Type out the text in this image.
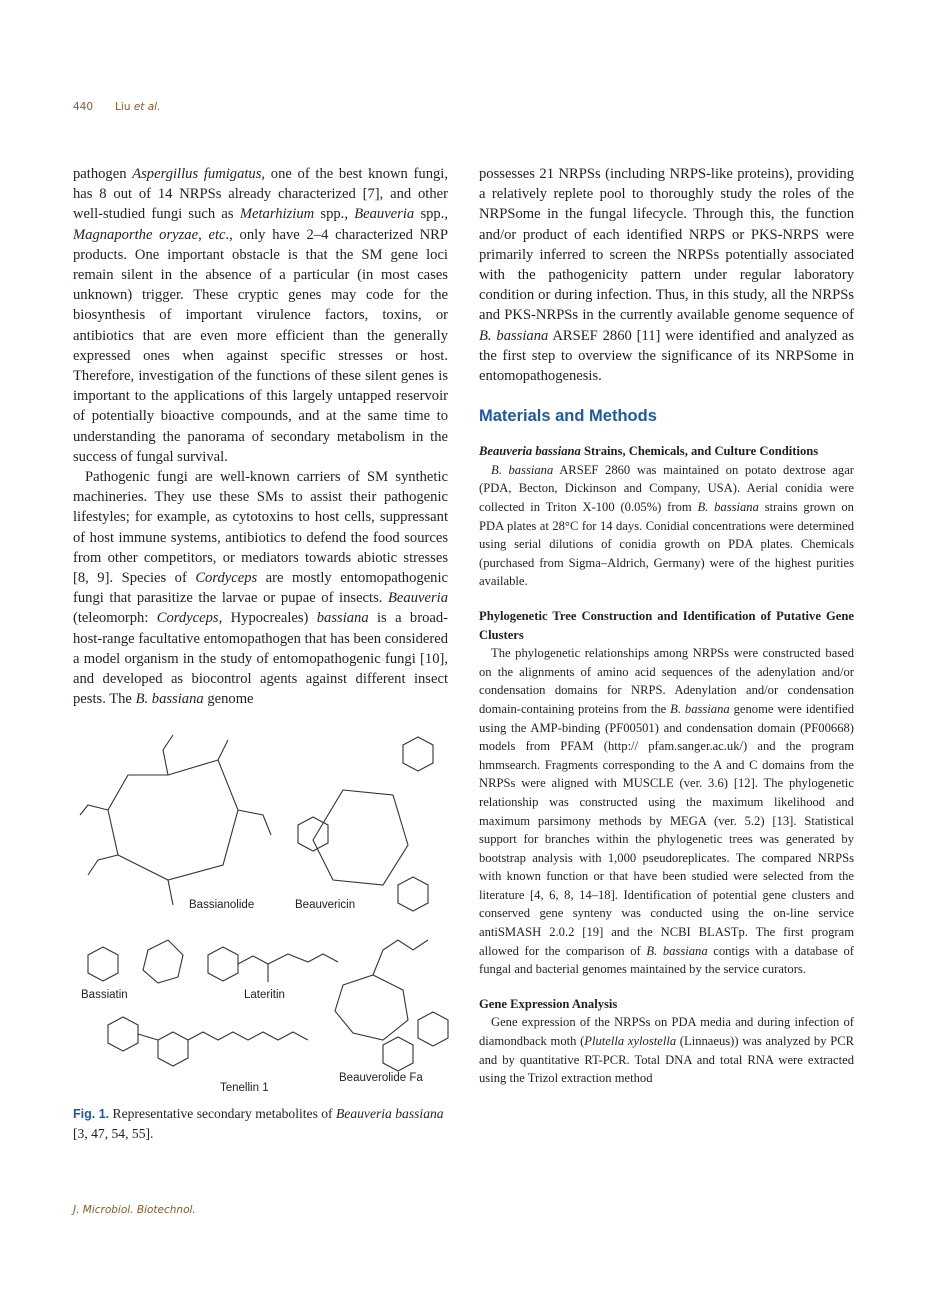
440 Liu et al.

pathogen Aspergillus fumigatus, one of the best known fungi, has 8 out of 14 NRPSs already characterized [7], and other well-studied fungi such as Metarhizium spp., Beauveria spp., Magnaporthe oryzae, etc., only have 2–4 characterized NRP products. One important obstacle is that the SM gene loci remain silent in the absence of a particular (in most cases unknown) trigger. These cryptic genes may code for the biosynthesis of important virulence factors, toxins, or antibiotics that are even more efficient than the generally expressed ones when against specific stresses or host. Therefore, investigation of the functions of these silent genes is important to the applications of this largely untapped reservoir of potentially bioactive compounds, and at the same time to understanding the panorama of secondary metabolism in the success of fungal survival.

Pathogenic fungi are well-known carriers of SM synthetic machineries. They use these SMs to assist their pathogenic lifestyles; for example, as cytotoxins to host cells, suppressant of host immune systems, antibiotics to defend the food sources from other competitors, or mediators towards abiotic stresses [8, 9]. Species of Cordyceps are mostly entomopathogenic fungi that parasitize the larvae or pupae of insects. Beauveria (teleomorph: Cordyceps, Hypocreales) bassiana is a broad-host-range facultative entomopathogen that has been considered a model organism in the study of entomopathogenic fungi [10], and developed as biocontrol agents against different insect pests. The B. bassiana genome

Bassianolide	Beauvericin
Bassiatin	Lateritin
Tenellin 1
Beauverolide Fa
Fig. 1. Representative secondary metabolites of Beauveria bassiana [3, 47, 54, 55].

possesses 21 NRPSs (including NRPS-like proteins), providing a relatively replete pool to thoroughly study the roles of the NRPSome in the fungal lifecycle. Through this, the function and/or product of each identified NRPS or PKS-NRPS were primarily inferred to screen the NRPSs potentially associated with the pathogenicity pattern under regular laboratory condition or during infection. Thus, in this study, all the NRPSs and PKS-NRPSs in the currently available genome sequence of B. bassiana ARSEF 2860 [11] were identified and analyzed as the first step to overview the significance of its NRPSome in entomopathogenesis.

Materials and Methods
Beauveria bassiana Strains, Chemicals, and Culture Conditions

B. bassiana ARSEF 2860 was maintained on potato dextrose agar (PDA, Becton, Dickinson and Company, USA). Aerial conidia were collected in Triton X-100 (0.05%) from B. bassiana strains grown on PDA plates at 28°C for 14 days. Conidial concentrations were determined using serial dilutions of conidia growth on PDA plates. Chemicals (purchased from Sigma–Aldrich, Germany) were of the highest purities available.

Phylogenetic Tree Construction and Identification of Putative Gene Clusters

The phylogenetic relationships among NRPSs were constructed based on the alignments of amino acid sequences of the adenylation and/or condensation domains for NRPS. Adenylation and/or condensation domain-containing proteins from the B. bassiana genome were identified using the AMP-binding (PF00501) and condensation domain (PF00668) models from PFAM (http:// pfam.sanger.ac.uk/) and the program hmmsearch. Fragments corresponding to the A and C domains from the NRPSs were aligned with MUSCLE (ver. 3.6) [12]. The phylogenetic relationship was constructed using the maximum likelihood and maximum parsimony methods by MEGA (ver. 5.2) [13]. Statistical support for branches within the phylogenetic trees was generated by bootstrap analysis with 1,000 pseudoreplicates. The compared NRPSs with known function or that have been studied were selected from the literature [4, 6, 8, 14–18]. Identification of potential gene clusters and conserved gene synteny was conducted using the on-line service antiSMASH 2.0.2 [19] and the NCBI BLASTp. The first program allowed for the comparison of B. bassiana contigs with a database of fungal and bacterial genomes maintained by the service curators.

Gene Expression Analysis

Gene expression of the NRPSs on PDA media and during infection of diamondback moth (Plutella xylostella (Linnaeus)) was analyzed by PCR and by quantitative RT-PCR. Total DNA and total RNA were extracted using the Trizol extraction method

J. Microbiol. Biotechnol.
